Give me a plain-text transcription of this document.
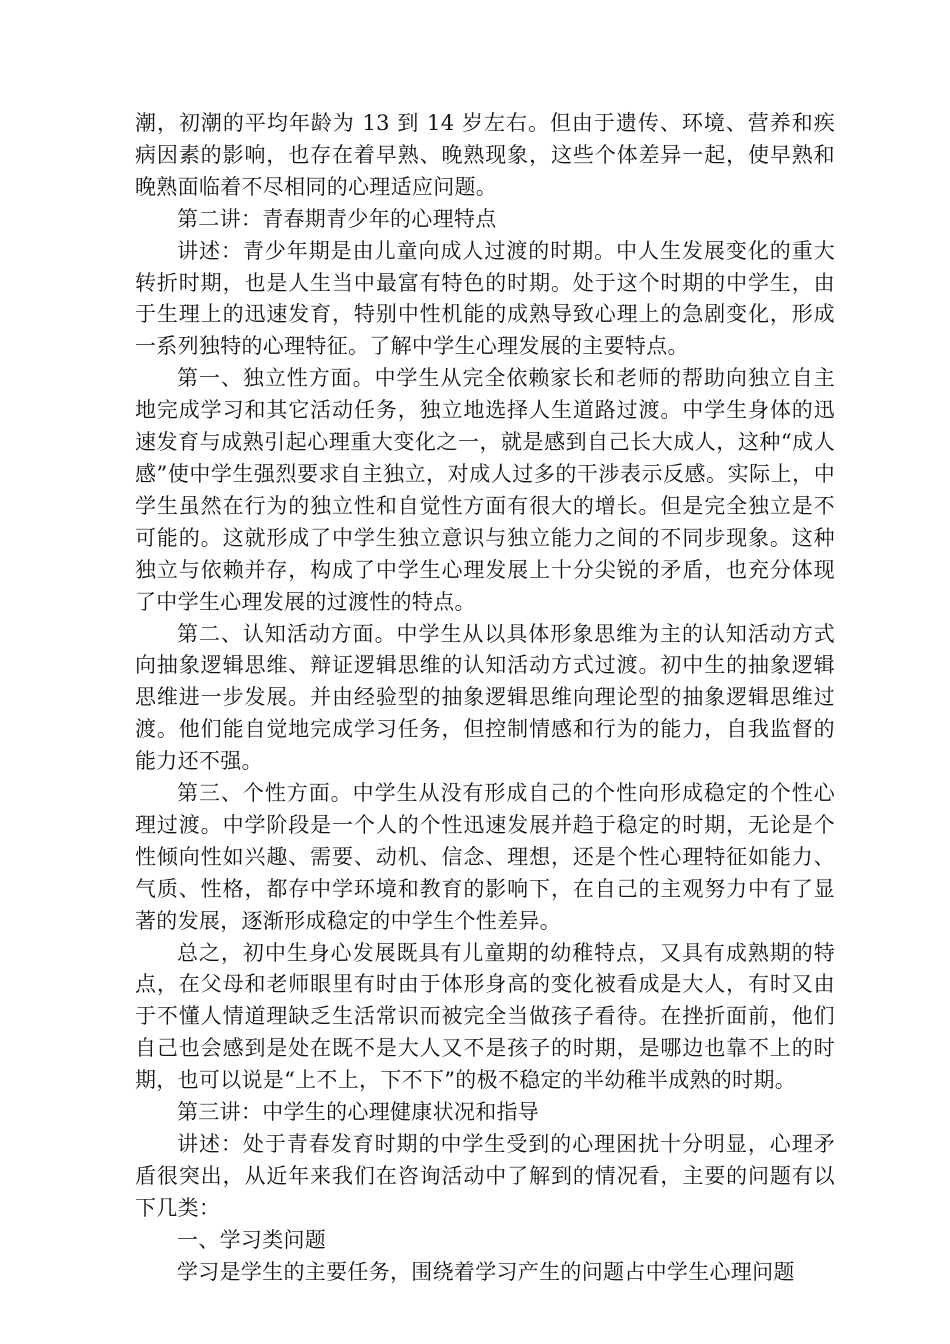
潮，初潮的平均年龄为 13 到 14 岁左右。但由于遗传、环境、营养和疾病因素的影响，也存在着早熟、晚熟现象，这些个体差异一起，使早熟和晚熟面临着不尽相同的心理适应问题。

第二讲：青春期青少年的心理特点

讲述：青少年期是由儿童向成人过渡的时期。中人生发展变化的重大转折时期，也是人生当中最富有特色的时期。处于这个时期的中学生，由于生理上的迅速发育，特别中性机能的成熟导致心理上的急剧变化，形成一系列独特的心理特征。了解中学生心理发展的主要特点。

第一、独立性方面。中学生从完全依赖家长和老师的帮助向独立自主地完成学习和其它活动任务，独立地选择人生道路过渡。中学生身体的迅速发育与成熟引起心理重大变化之一，就是感到自己长大成人，这种“成人感”使中学生强烈要求自主独立，对成人过多的干涉表示反感。实际上，中学生虽然在行为的独立性和自觉性方面有很大的增长。但是完全独立是不可能的。这就形成了中学生独立意识与独立能力之间的不同步现象。这种独立与依赖并存，构成了中学生心理发展上十分尖锐的矛盾，也充分体现了中学生心理发展的过渡性的特点。

第二、认知活动方面。中学生从以具体形象思维为主的认知活动方式向抽象逻辑思维、辩证逻辑思维的认知活动方式过渡。初中生的抽象逻辑思维进一步发展。并由经验型的抽象逻辑思维向理论型的抽象逻辑思维过渡。他们能自觉地完成学习任务，但控制情感和行为的能力，自我监督的能力还不强。

第三、个性方面。中学生从没有形成自己的个性向形成稳定的个性心理过渡。中学阶段是一个人的个性迅速发展并趋于稳定的时期，无论是个性倾向性如兴趣、需要、动机、信念、理想，还是个性心理特征如能力、气质、性格，都存中学环境和教育的影响下，在自己的主观努力中有了显著的发展，逐渐形成稳定的中学生个性差异。

总之，初中生身心发展既具有儿童期的幼稚特点，又具有成熟期的特点，在父母和老师眼里有时由于体形身高的变化被看成是大人，有时又由于不懂人情道理缺乏生活常识而被完全当做孩子看待。在挫折面前，他们自己也会感到是处在既不是大人又不是孩子的时期，是哪边也靠不上的时期，也可以说是“上不上，下不下”的极不稳定的半幼稚半成熟的时期。

第三讲：中学生的心理健康状况和指导

讲述：处于青春发育时期的中学生受到的心理困扰十分明显，心理矛盾很突出，从近年来我们在咨询活动中了解到的情况看，主要的问题有以下几类：

一、学习类问题

学习是学生的主要任务，围绕着学习产生的问题占中学生心理问题
